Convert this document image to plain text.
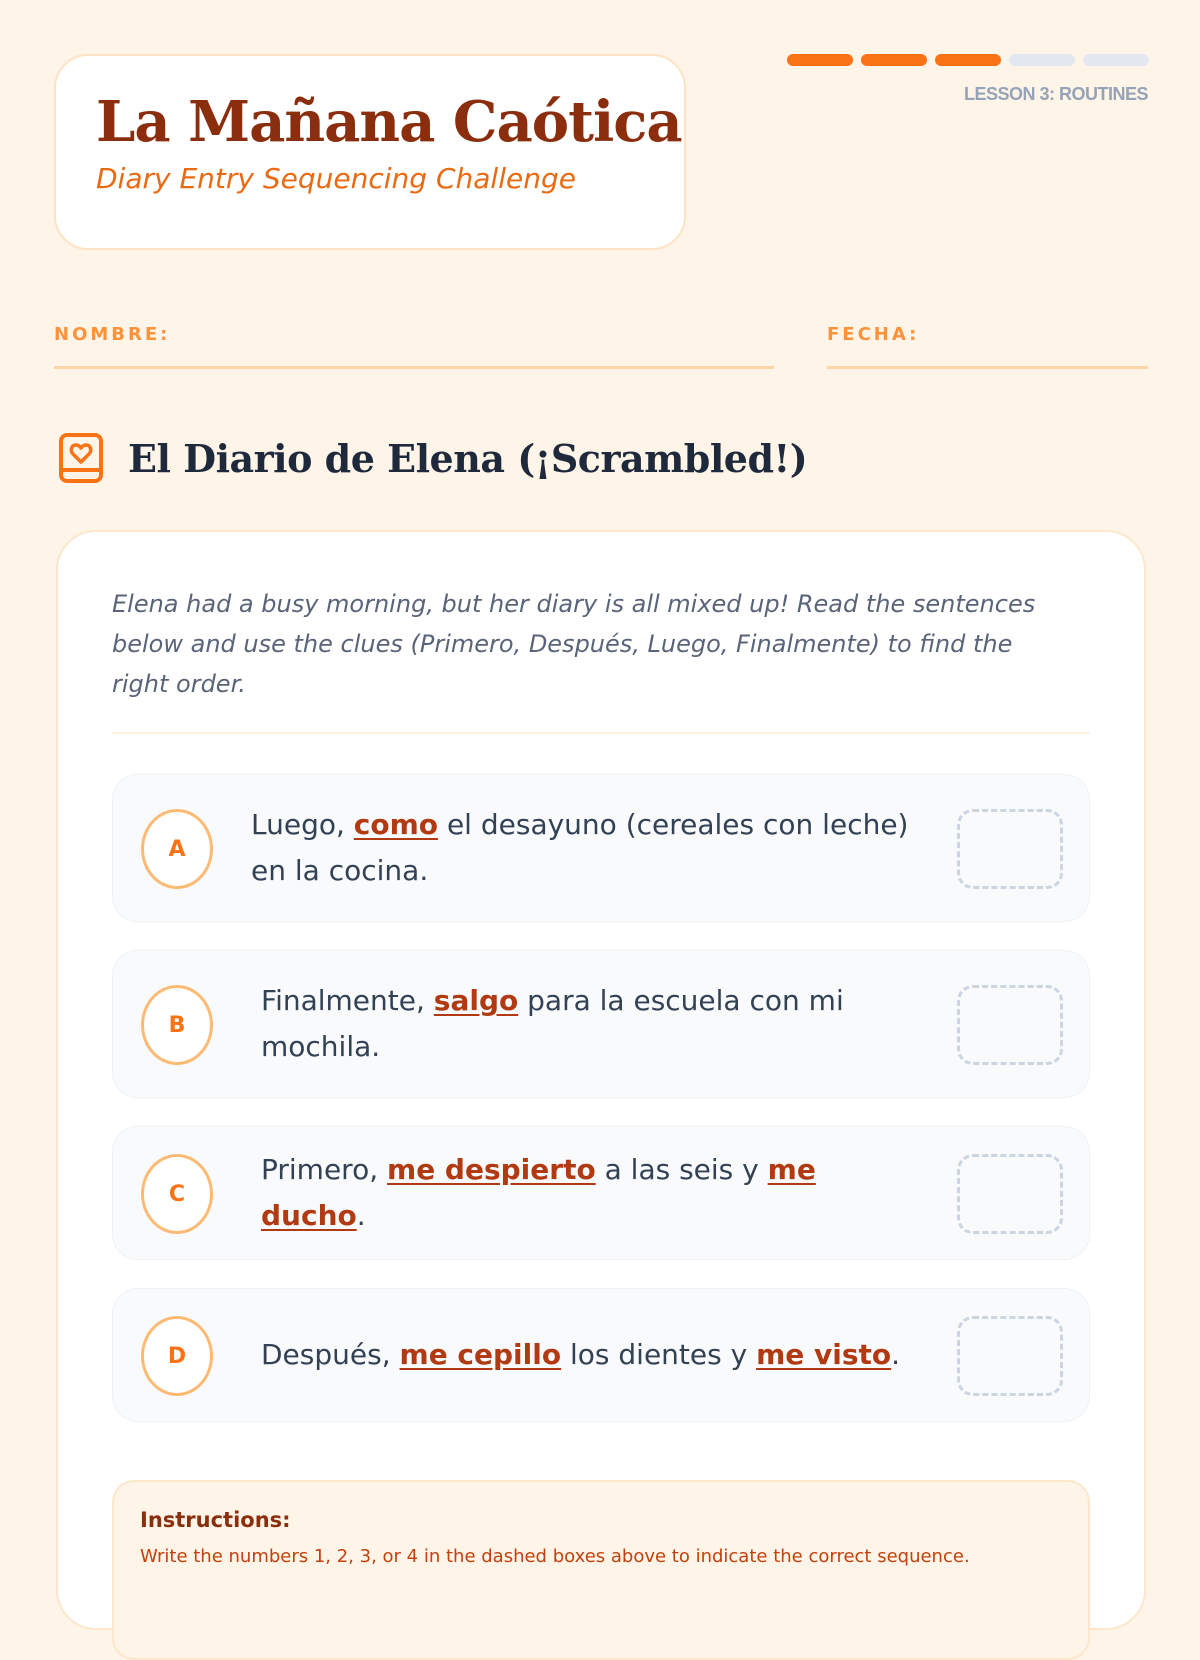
La Mañana Caótica
Diary Entry Sequencing Challenge
LESSON 3: ROUTINES
NOMBRE:	FECHA:
El Diario de Elena (¡Scrambled!)

Elena had a busy morning, but her diary is all mixed up! Read the sentences below and use the clues (Primero, Después, Luego, Finalmente) to find the right order.

A

Luego, como el desayuno (cereales con leche) en la cocina.

B

Finalmente, salgo para la escuela con mi mochila.

C

Primero, me despierto a las seis y me ducho.

D	Después, me cepillo los dientes y me visto.

Instructions:

Write the numbers 1, 2, 3, or 4 in the dashed boxes above to indicate the correct sequence.
